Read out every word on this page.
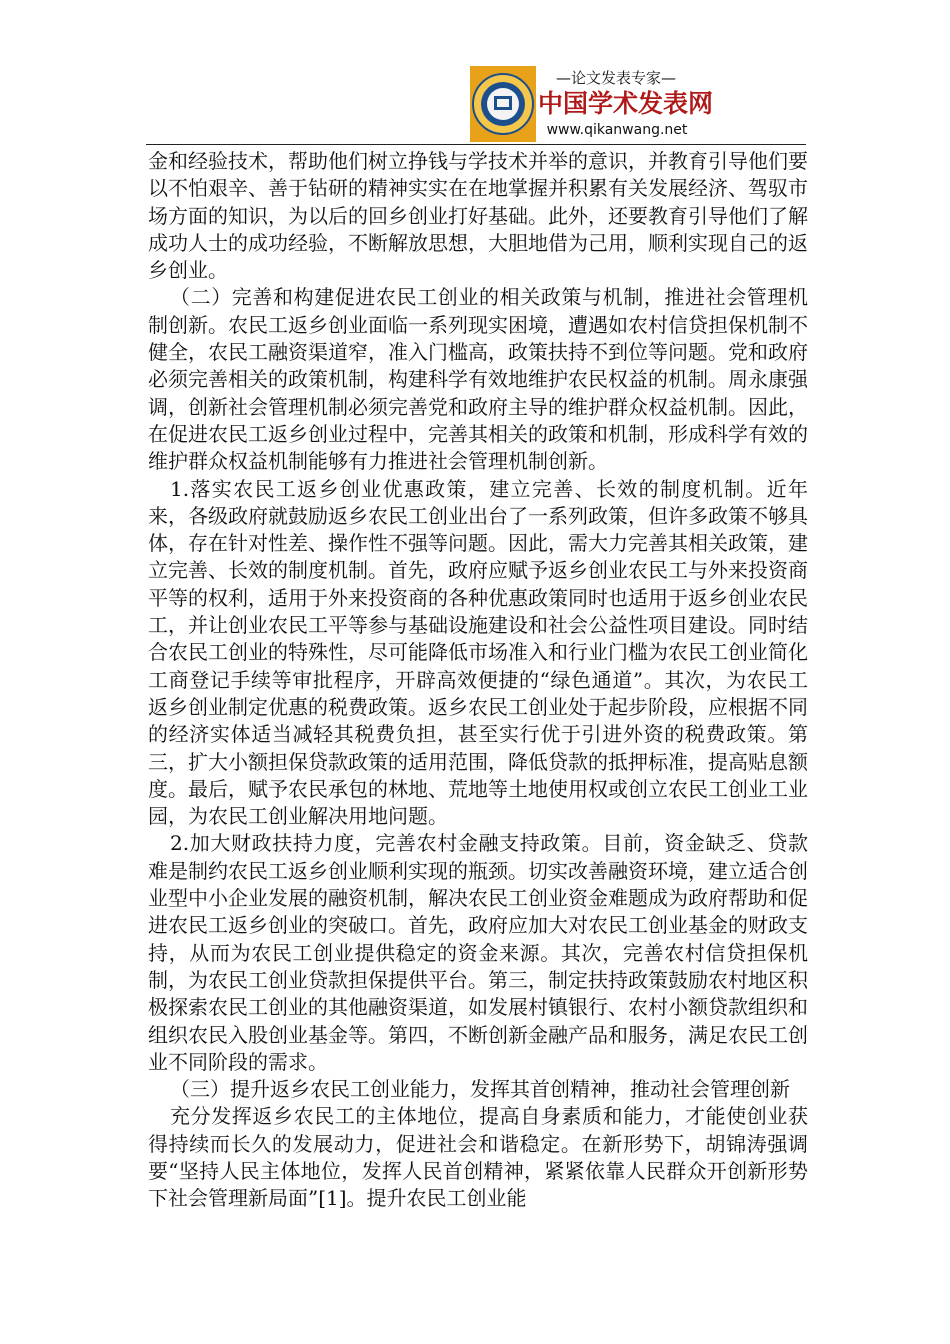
—论文发表专家—
中国学术发表网
www.qikanwang.net

金和经验技术，帮助他们树立挣钱与学技术并举的意识，并教育引导他们要以不怕艰辛、善于钻研的精神实实在在地掌握并积累有关发展经济、驾驭市场方面的知识，为以后的回乡创业打好基础。此外，还要教育引导他们了解成功人士的成功经验，不断解放思想，大胆地借为己用，顺利实现自己的返乡创业。

（二）完善和构建促进农民工创业的相关政策与机制，推进社会管理机制创新。农民工返乡创业面临一系列现实困境，遭遇如农村信贷担保机制不健全，农民工融资渠道窄，准入门槛高，政策扶持不到位等问题。党和政府必须完善相关的政策机制，构建科学有效地维护农民权益的机制。周永康强调，创新社会管理机制必须完善党和政府主导的维护群众权益机制。因此，在促进农民工返乡创业过程中，完善其相关的政策和机制，形成科学有效的维护群众权益机制能够有力推进社会管理机制创新。

1.落实农民工返乡创业优惠政策，建立完善、长效的制度机制。近年来，各级政府就鼓励返乡农民工创业出台了一系列政策，但许多政策不够具体，存在针对性差、操作性不强等问题。因此，需大力完善其相关政策，建立完善、长效的制度机制。首先，政府应赋予返乡创业农民工与外来投资商平等的权利，适用于外来投资商的各种优惠政策同时也适用于返乡创业农民工，并让创业农民工平等参与基础设施建设和社会公益性项目建设。同时结合农民工创业的特殊性，尽可能降低市场准入和行业门槛为农民工创业简化工商登记手续等审批程序，开辟高效便捷的“绿色通道”。其次，为农民工返乡创业制定优惠的税费政策。返乡农民工创业处于起步阶段，应根据不同的经济实体适当减轻其税费负担，甚至实行优于引进外资的税费政策。第三，扩大小额担保贷款政策的适用范围，降低贷款的抵押标准，提高贴息额度。最后，赋予农民承包的林地、荒地等土地使用权或创立农民工创业工业园，为农民工创业解决用地问题。

2.加大财政扶持力度，完善农村金融支持政策。目前，资金缺乏、贷款难是制约农民工返乡创业顺利实现的瓶颈。切实改善融资环境，建立适合创业型中小企业发展的融资机制，解决农民工创业资金难题成为政府帮助和促进农民工返乡创业的突破口。首先，政府应加大对农民工创业基金的财政支持，从而为农民工创业提供稳定的资金来源。其次，完善农村信贷担保机制，为农民工创业贷款担保提供平台。第三，制定扶持政策鼓励农村地区积极探索农民工创业的其他融资渠道，如发展村镇银行、农村小额贷款组织和组织农民入股创业基金等。第四，不断创新金融产品和服务，满足农民工创业不同阶段的需求。

（三）提升返乡农民工创业能力，发挥其首创精神，推动社会管理创新

充分发挥返乡农民工的主体地位，提高自身素质和能力，才能使创业获得持续而长久的发展动力，促进社会和谐稳定。在新形势下，胡锦涛强调要“坚持人民主体地位，发挥人民首创精神，紧紧依靠人民群众开创新形势下社会管理新局面”[1]。提升农民工创业能
